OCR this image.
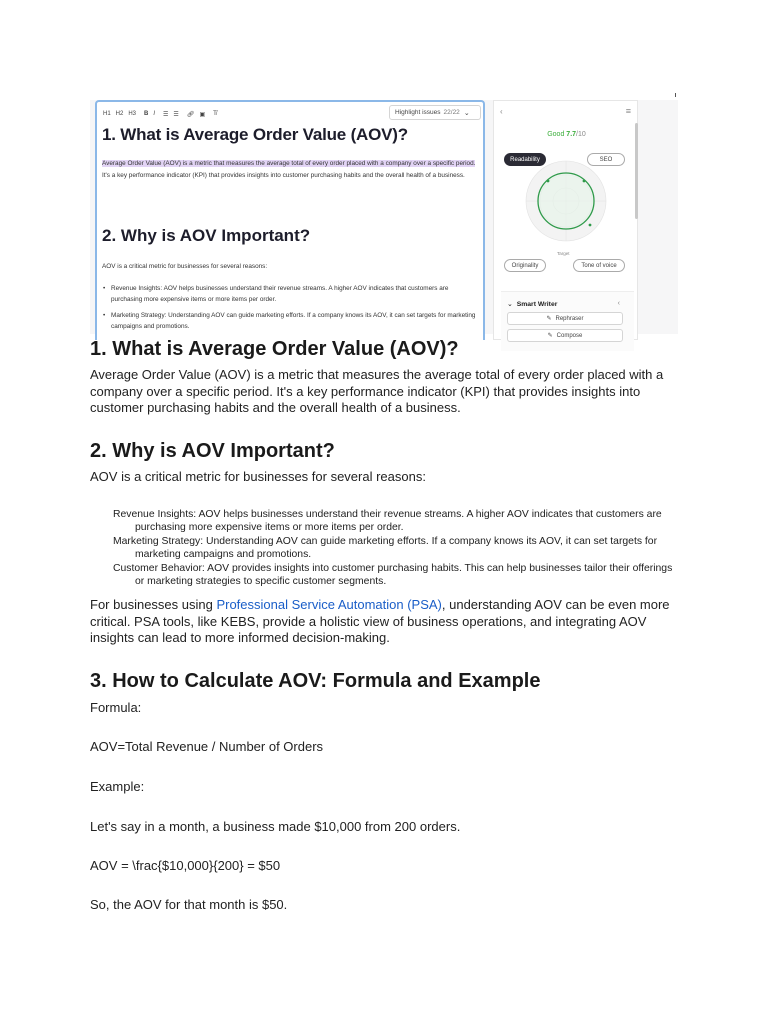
H1 H2 H3 B I ☰ ☰ 🔗︎ ▣ T̸	Highlight issues 22/22 ⌄
1. What is Average Order Value (AOV)?
Average Order Value (AOV) is a metric that measures the average total of every order placed with a company over a specific period. It's a key performance indicator (KPI) that provides insights into customer purchasing habits and the overall health of a business.
2. Why is AOV Important?
AOV is a critical metric for businesses for several reasons:
• Revenue Insights: AOV helps businesses understand their revenue streams. A higher AOV indicates that customers are purchasing more expensive items or more items per order.
• Marketing Strategy: Understanding AOV can guide marketing efforts. If a company knows its AOV, it can set targets for marketing campaigns and promotions.
‹	≡
Good 7.7/10
Readability	SEO
Target
Originality	Tone of voice
⌄ Smart Writer	‹
✎ Rephraser
✎ Compose
1. What is Average Order Value (AOV)?

Average Order Value (AOV) is a metric that measures the average total of every order placed with a company over a specific period. It's a key performance indicator (KPI) that provides insights into customer purchasing habits and the overall health of a business.

2. Why is AOV Important?

AOV is a critical metric for businesses for several reasons:

Revenue Insights: AOV helps businesses understand their revenue streams. A higher AOV indicates that customers are purchasing more expensive items or more items per order.
Marketing Strategy: Understanding AOV can guide marketing efforts. If a company knows its AOV, it can set targets for marketing campaigns and promotions.
Customer Behavior: AOV provides insights into customer purchasing habits. This can help businesses tailor their offerings or marketing strategies to specific customer segments.

For businesses using Professional Service Automation (PSA), understanding AOV can be even more critical. PSA tools, like KEBS, provide a holistic view of business operations, and integrating AOV insights can lead to more informed decision-making.

3. How to Calculate AOV: Formula and Example

Formula:

AOV=Total Revenue / Number of Orders

Example:

Let's say in a month, a business made $10,000 from 200 orders.

AOV = \frac{$10,000}{200} = $50

So, the AOV for that month is $50.
